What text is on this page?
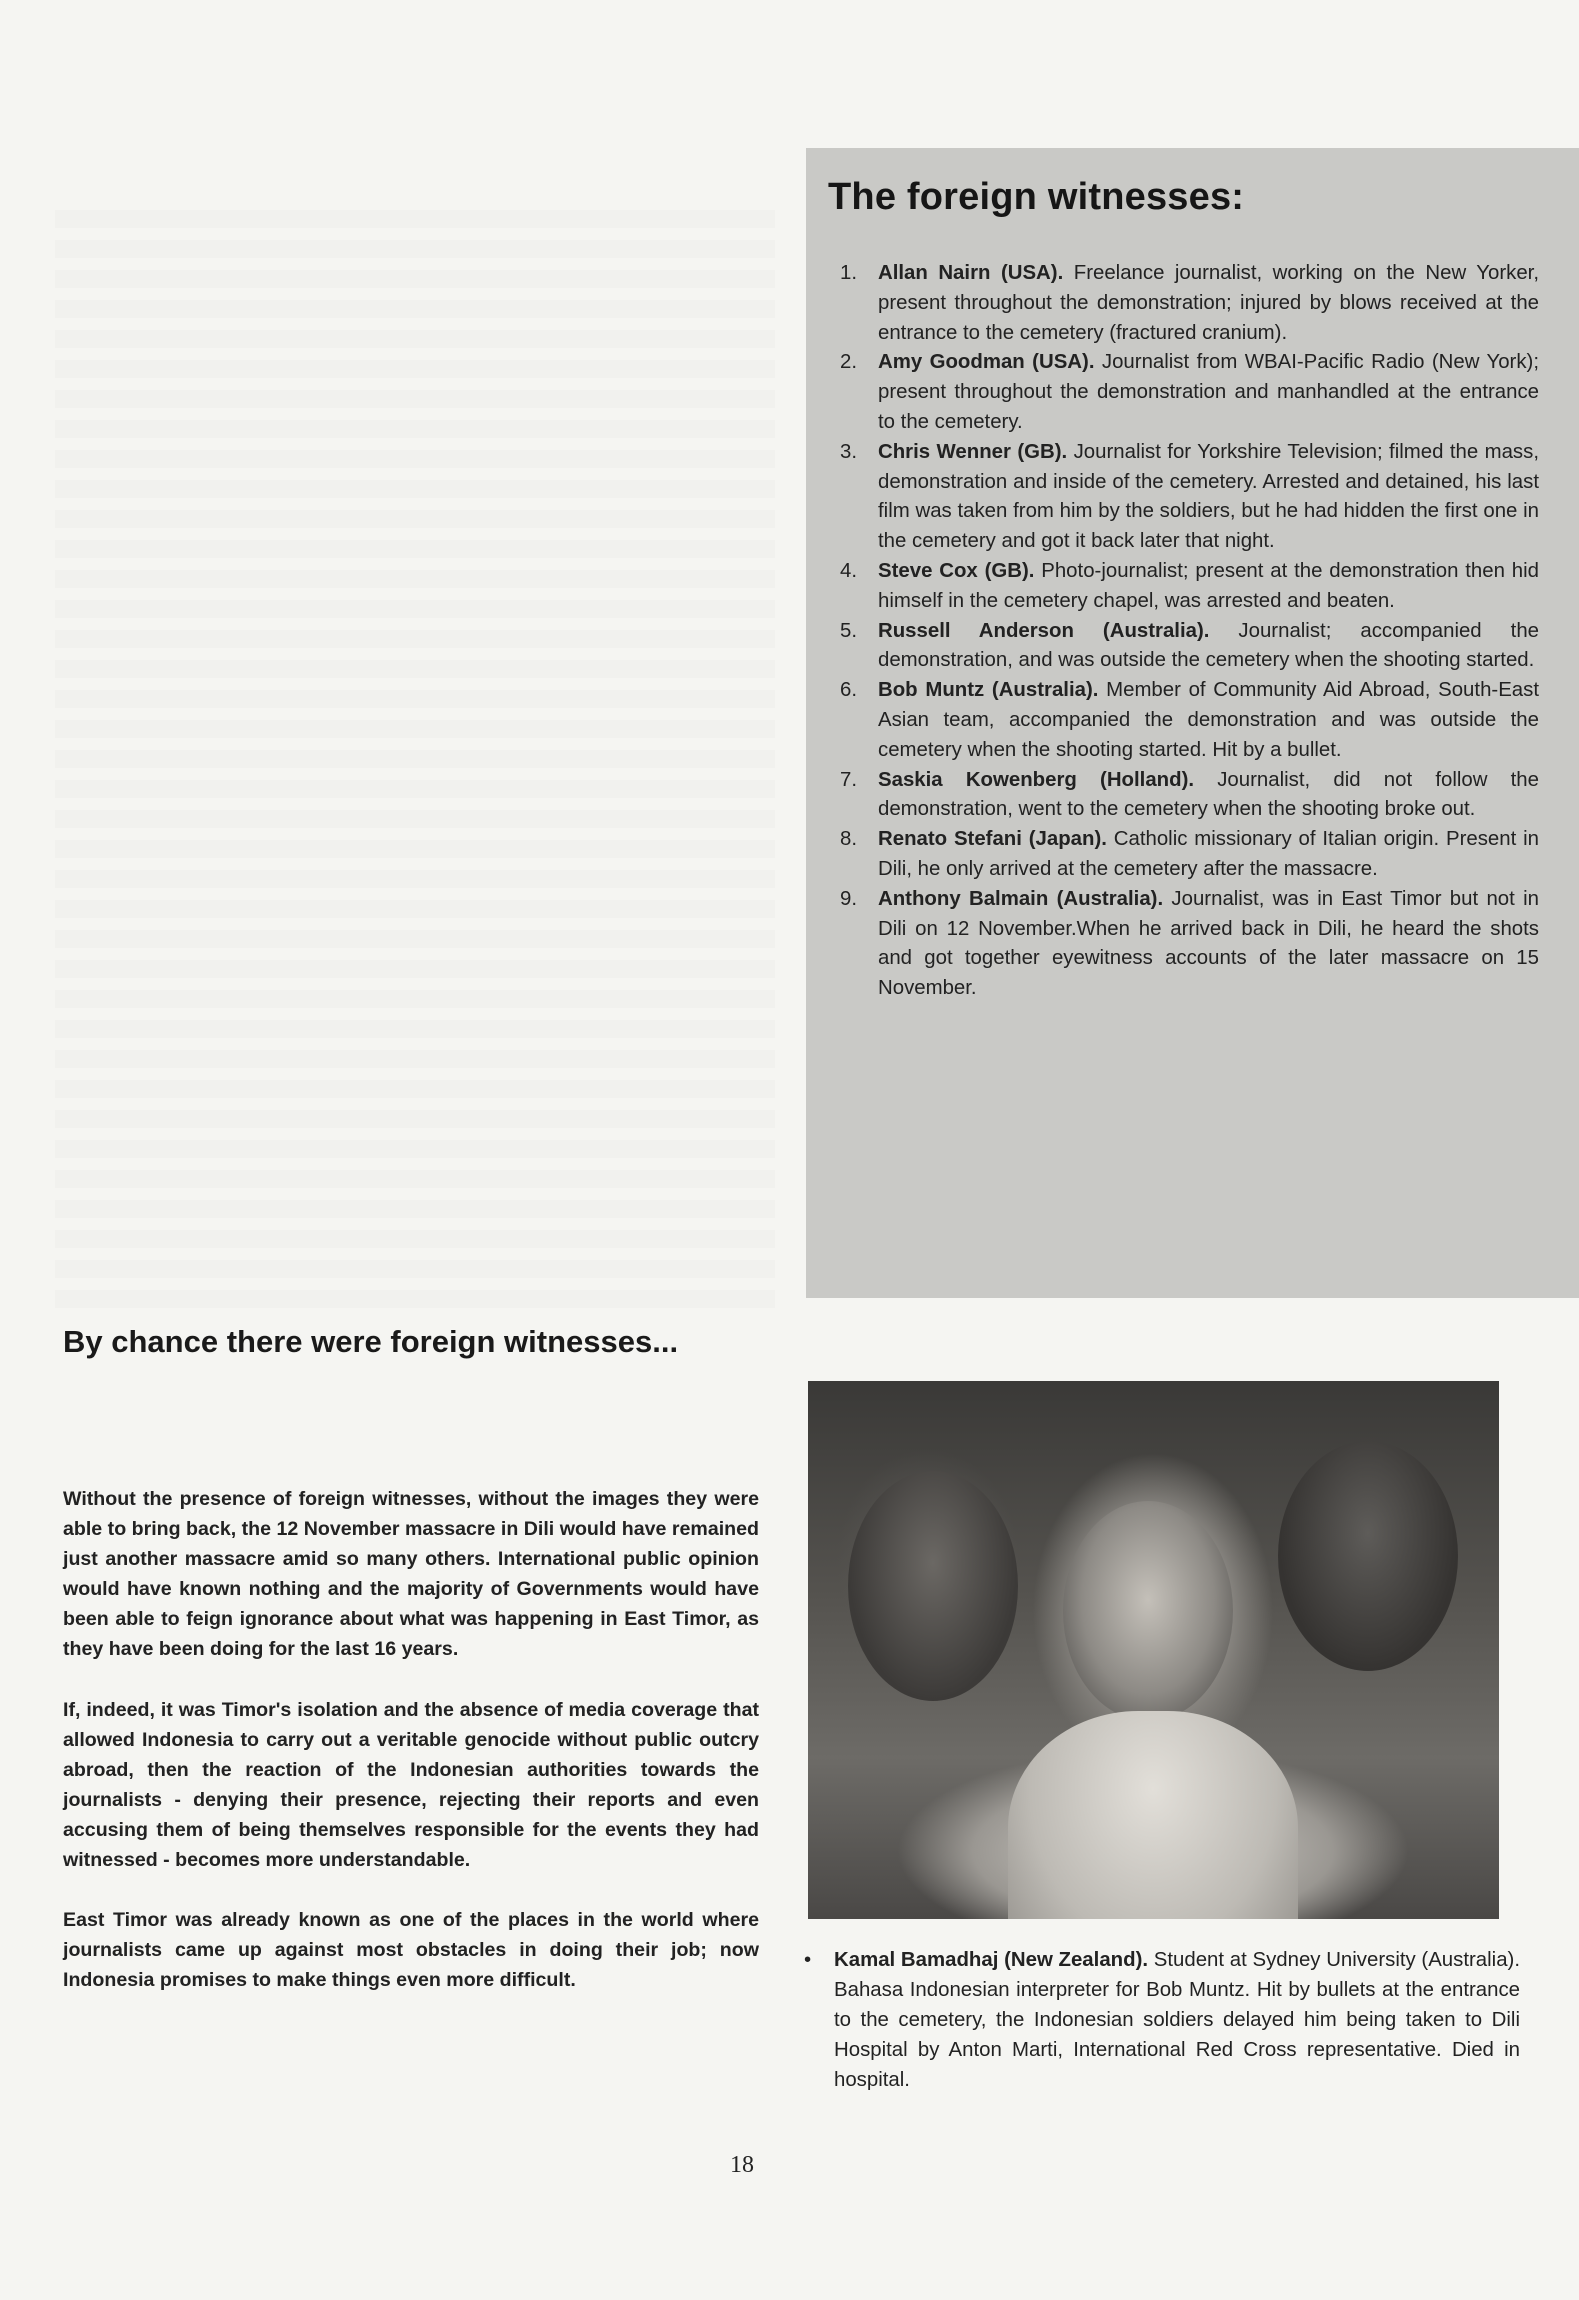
The foreign witnesses:
1.	Allan Nairn (USA). Freelance journalist, working on the New Yorker, present throughout the demonstration; injured by blows received at the entrance to the cemetery (fractured cranium).
2.	Amy Goodman (USA). Journalist from WBAI-Pacific Radio (New York); present throughout the demonstration and manhandled at the entrance to the cemetery.
3.	Chris Wenner (GB). Journalist for Yorkshire Television; filmed the mass, demonstration and inside of the cemetery. Arrested and detained, his last film was taken from him by the soldiers, but he had hidden the first one in the cemetery and got it back later that night.
4.	Steve Cox (GB). Photo-journalist; present at the demonstration then hid himself in the cemetery chapel, was arrested and beaten.
5.	Russell Anderson (Australia). Journalist; accompanied the demonstration, and was outside the cemetery when the shooting started.
6.	Bob Muntz (Australia). Member of Community Aid Abroad, South-East Asian team, accompanied the demonstration and was outside the cemetery when the shooting started. Hit by a bullet.
7.	Saskia Kowenberg (Holland). Journalist, did not follow the demonstration, went to the cemetery when the shooting broke out.
8.	Renato Stefani (Japan). Catholic missionary of Italian origin. Present in Dili, he only arrived at the cemetery after the massacre.
9.	Anthony Balmain (Australia). Journalist, was in East Timor but not in Dili on 12 November.When he arrived back in Dili, he heard the shots and got together eyewitness accounts of the later massacre on 15 November.
By chance there were foreign witnesses...

Without the presence of foreign witnesses, without the images they were able to bring back, the 12 November massacre in Dili would have remained just another massacre amid so many others. International public opinion would have known nothing and the majority of Governments would have been able to feign ignorance about what was happening in East Timor, as they have been doing for the last 16 years.

If, indeed, it was Timor's isolation and the absence of media coverage that allowed Indonesia to carry out a veritable genocide without public outcry abroad, then the reaction of the Indonesian authorities towards the journalists - denying their presence, rejecting their reports and even accusing them of being themselves responsible for the events they had witnessed - becomes more understandable.

East Timor was already known as one of the places in the world where journalists came up against most obstacles in doing their job; now Indonesia promises to make things even more difficult.

•	Kamal Bamadhaj (New Zealand). Student at Sydney University (Australia). Bahasa Indonesian interpreter for Bob Muntz. Hit by bullets at the entrance to the cemetery, the Indonesian soldiers delayed him being taken to Dili Hospital by Anton Marti, International Red Cross representative. Died in hospital.
18
